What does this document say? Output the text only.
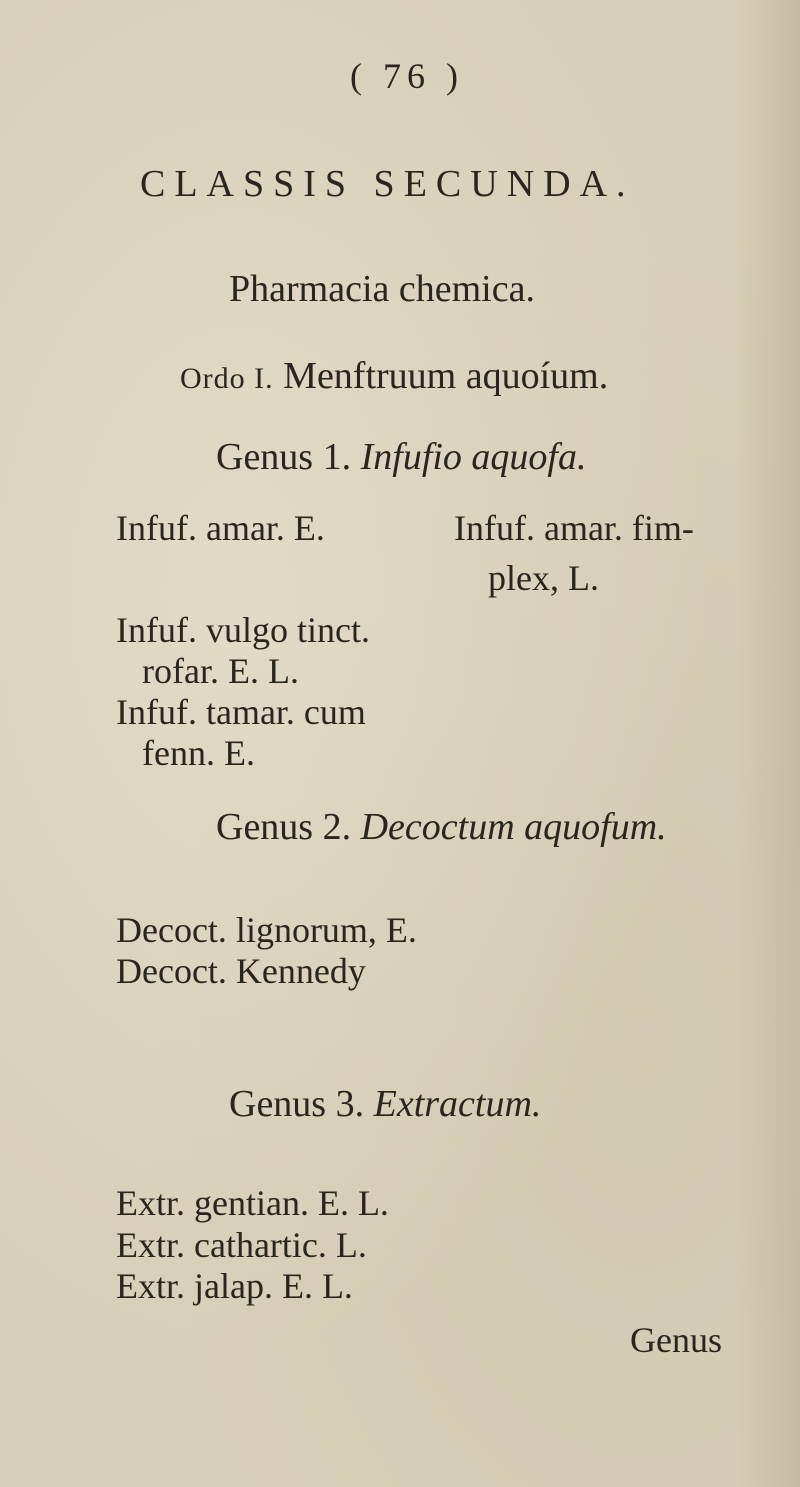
( 76 )
CLASSIS SECUNDA.
Pharmacia chemica.
Ordo I. Menftruum aquoíum.
Genus 1. Infufio aquofa.
Infuf. amar. E.
Infuf. vulgo tinct.
rofar. E. L.
Infuf. tamar. cum
fenn. E.
Infuf. amar. fim-
plex, L.
Genus 2. Decoctum aquofum.
Decoct. lignorum, E.
Decoct. Kennedy
Genus 3. Extractum.
Extr. gentian. E. L.
Extr. cathartic. L.
Extr. jalap. E. L.
Genus
